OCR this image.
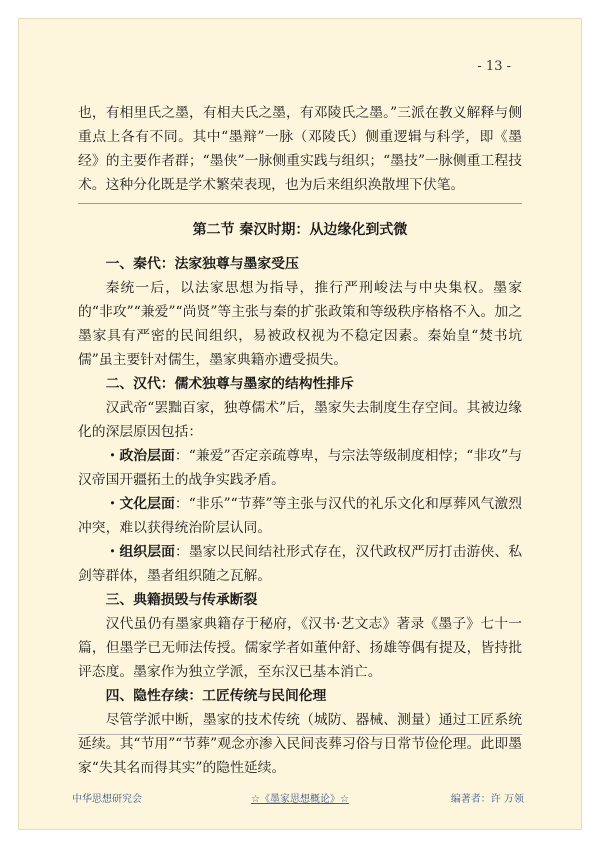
- 13 -

也，有相里氏之墨，有相夫氏之墨，有邓陵氏之墨。”三派在教义解释与侧重点上各有不同。其中“墨辩”一脉（邓陵氏）侧重逻辑与科学，即《墨经》的主要作者群；“墨侠”一脉侧重实践与组织；“墨技”一脉侧重工程技术。这种分化既是学术繁荣表现，也为后来组织涣散埋下伏笔。

第二节 秦汉时期：从边缘化到式微
一、秦代：法家独尊与墨家受压

秦统一后，以法家思想为指导，推行严刑峻法与中央集权。墨家的“非攻”“兼爱”“尚贤”等主张与秦的扩张政策和等级秩序格格不入。加之墨家具有严密的民间组织，易被政权视为不稳定因素。秦始皇“焚书坑儒”虽主要针对儒生，墨家典籍亦遭受损失。

二、汉代：儒术独尊与墨家的结构性排斥

汉武帝“罢黜百家，独尊儒术”后，墨家失去制度生存空间。其被边缘化的深层原因包括：

・政治层面：“兼爱”否定亲疏尊卑，与宗法等级制度相悖；“非攻”与汉帝国开疆拓土的战争实践矛盾。

・文化层面：“非乐”“节葬”等主张与汉代的礼乐文化和厚葬风气激烈冲突，难以获得统治阶层认同。

・组织层面：墨家以民间结社形式存在，汉代政权严厉打击游侠、私剑等群体，墨者组织随之瓦解。

三、典籍损毁与传承断裂

汉代虽仍有墨家典籍存于秘府，《汉书·艺文志》著录《墨子》七十一篇，但墨学已无师法传授。儒家学者如董仲舒、扬雄等偶有提及，皆持批评态度。墨家作为独立学派，至东汉已基本消亡。

四、隐性存续：工匠传统与民间伦理

尽管学派中断，墨家的技术传统（城防、器械、测量）通过工匠系统延续。其“节用”“节葬”观念亦渗入民间丧葬习俗与日常节俭伦理。此即墨家“失其名而得其实”的隐性延续。

中华思想研究会	☆《墨家思想概论》☆	编著者：许 万领
